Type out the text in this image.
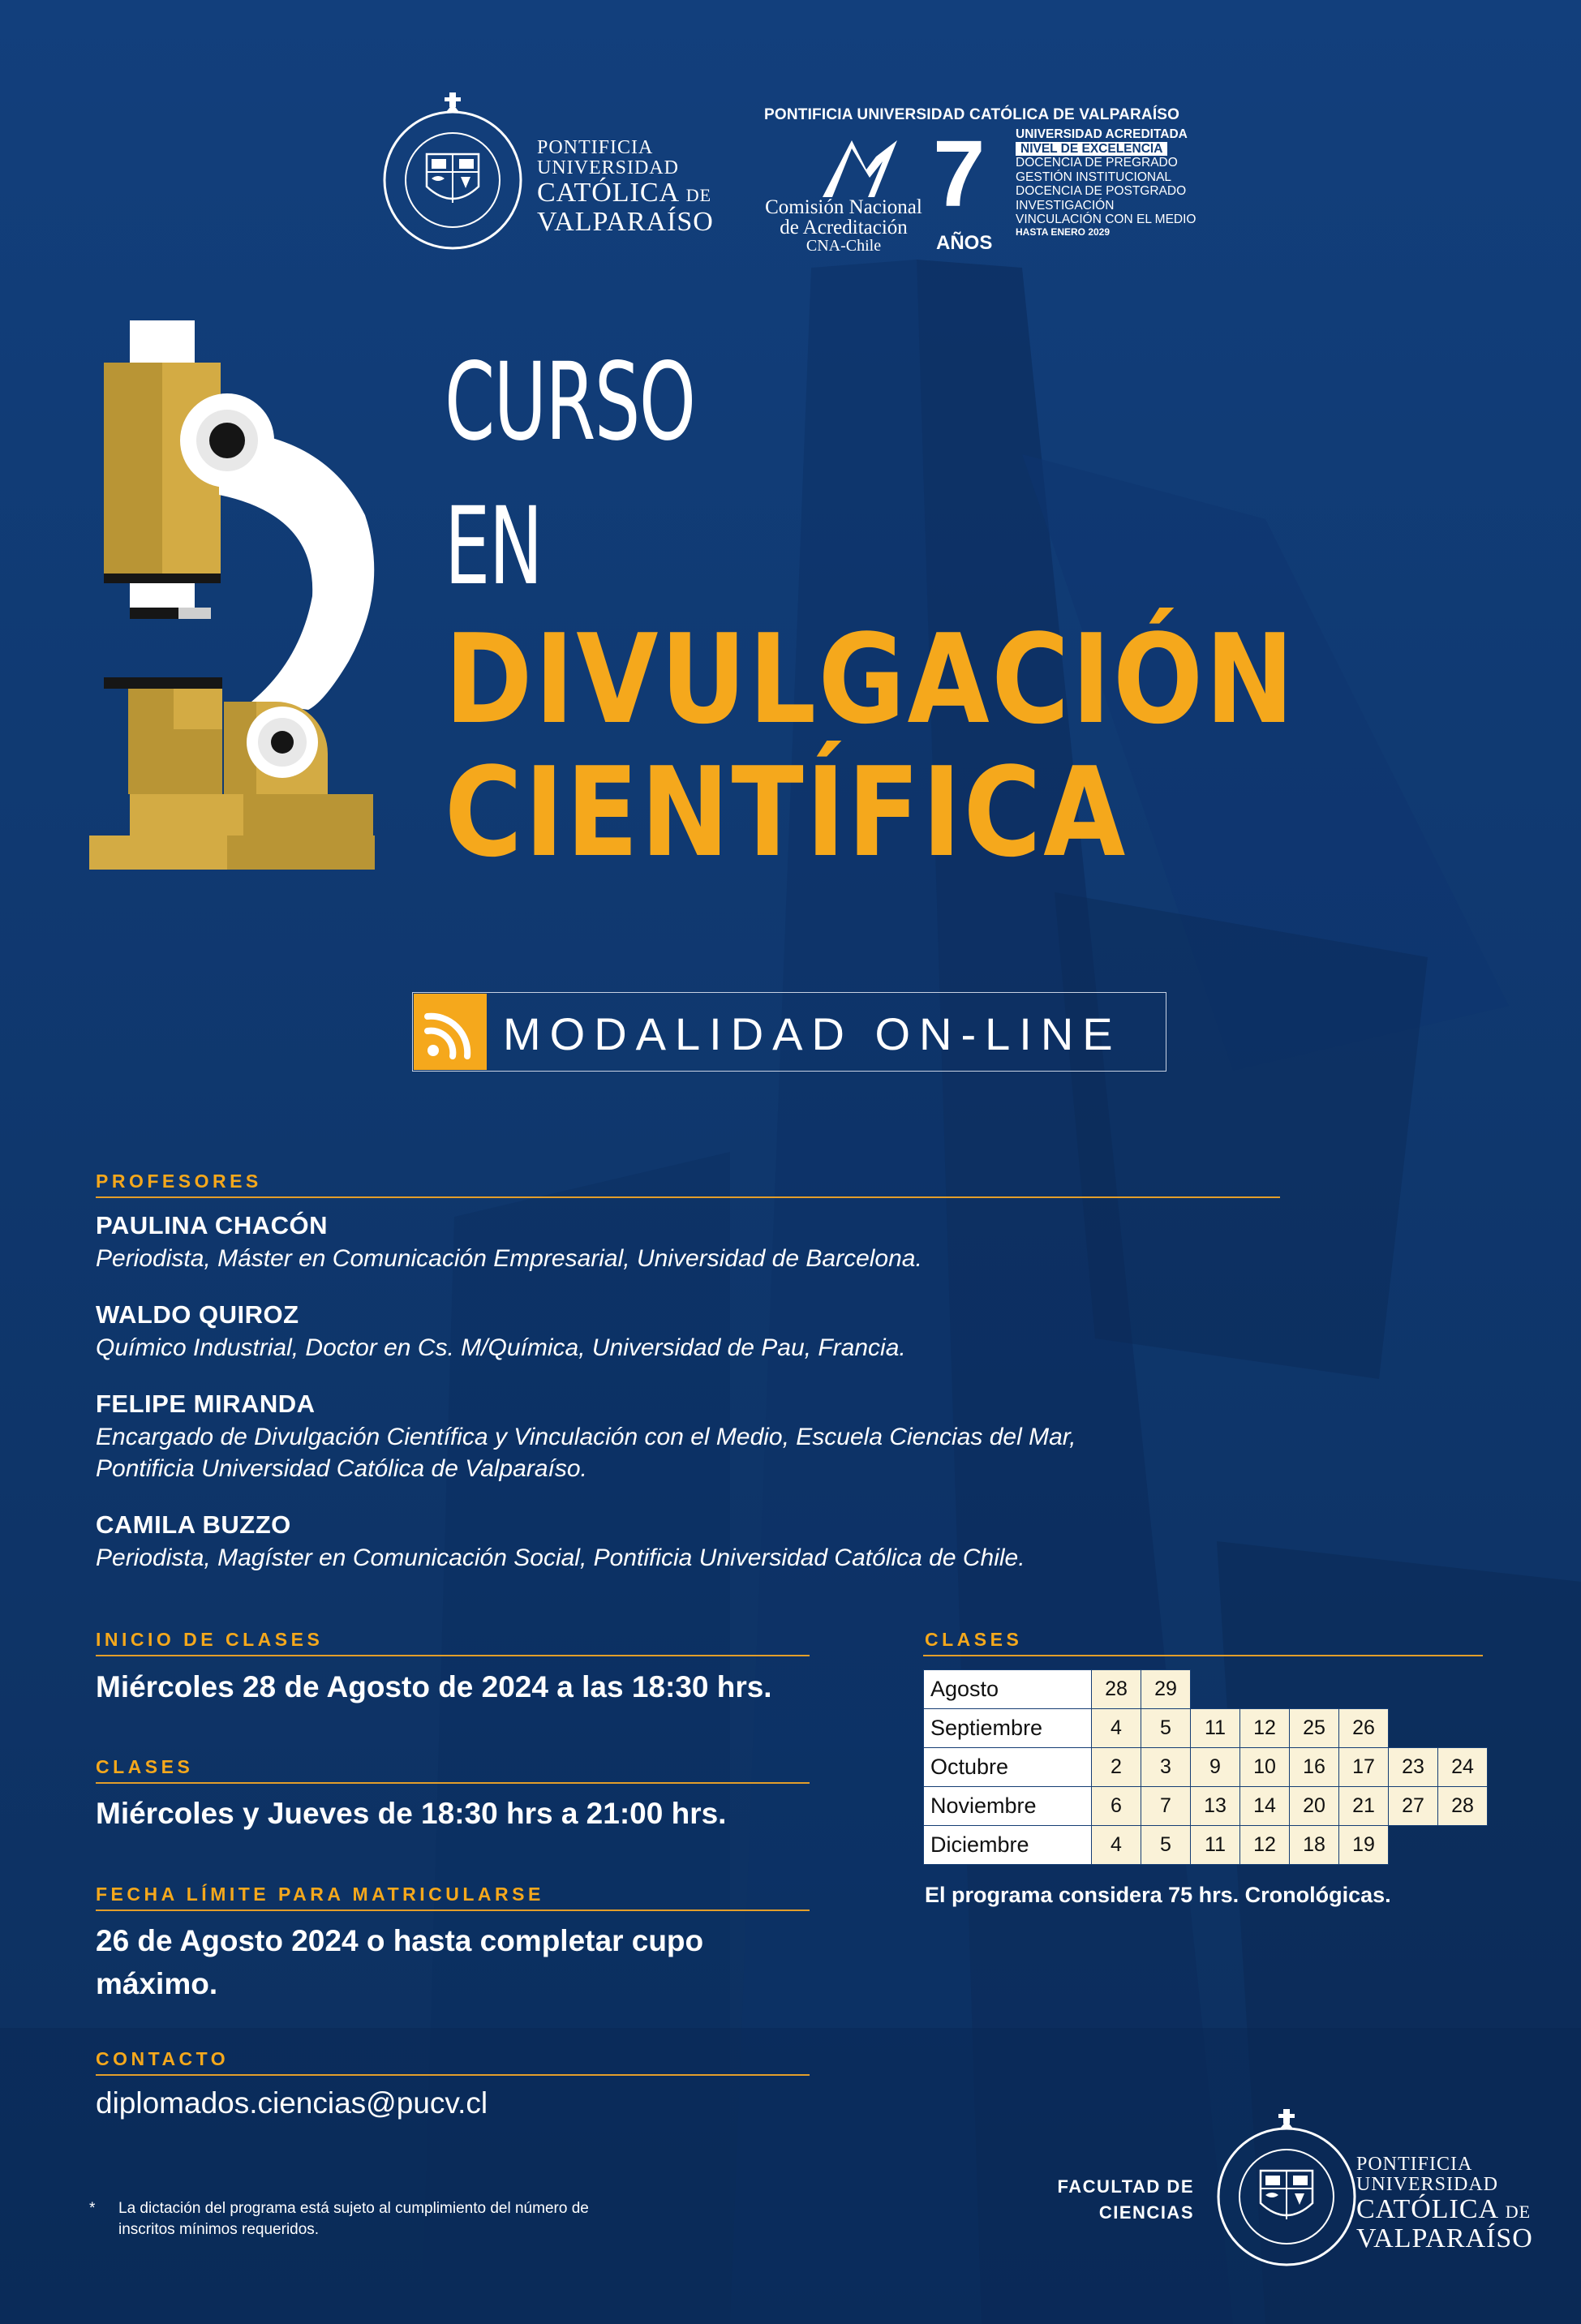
PONTIFICIA
UNIVERSIDAD
CATÓLICA DE
VALPARAÍSO
PONTIFICIA UNIVERSIDAD CATÓLICA DE VALPARAÍSO
Comisión Nacional
de Acreditación
CNA-Chile
7
AÑOS
UNIVERSIDAD ACREDITADA
NIVEL DE EXCELENCIA
DOCENCIA DE PREGRADO
GESTIÓN INSTITUCIONAL
DOCENCIA DE POSTGRADO
INVESTIGACIÓN
VINCULACIÓN CON EL MEDIO
HASTA ENERO 2029
CURSO
EN
DIVULGACIÓN
CIENTÍFICA
MODALIDAD ON-LINE
PROFESORES
PAULINA CHACÓN
Periodista, Máster en Comunicación Empresarial, Universidad de Barcelona.
WALDO QUIROZ
Químico Industrial, Doctor en Cs. M/Química, Universidad de Pau, Francia.
FELIPE MIRANDA
Encargado de Divulgación Científica y Vinculación con el Medio, Escuela Ciencias del Mar,
Pontificia Universidad Católica de Valparaíso.
CAMILA BUZZO
Periodista, Magíster en Comunicación Social, Pontificia Universidad Católica de Chile.
INICIO DE CLASES
Miércoles 28 de Agosto de 2024 a las 18:30 hrs.
CLASES
Miércoles y Jueves de 18:30 hrs a 21:00 hrs.
FECHA LÍMITE PARA MATRICULARSE
26 de Agosto 2024 o hasta completar cupo
máximo.
CONTACTO
diplomados.ciencias@pucv.cl
CLASES
Agosto	28	29						
Septiembre	4	5	11	12	25	26		
Octubre	2	3	9	10	16	17	23	24
Noviembre	6	7	13	14	20	21	27	28
Diciembre	4	5	11	12	18	19		
El programa considera 75 hrs. Cronológicas.
* La dictación del programa está sujeto al cumplimiento del número de
inscritos mínimos requeridos.
FACULTAD DE
CIENCIAS
PONTIFICIA
UNIVERSIDAD
CATÓLICA DE
VALPARAÍSO
